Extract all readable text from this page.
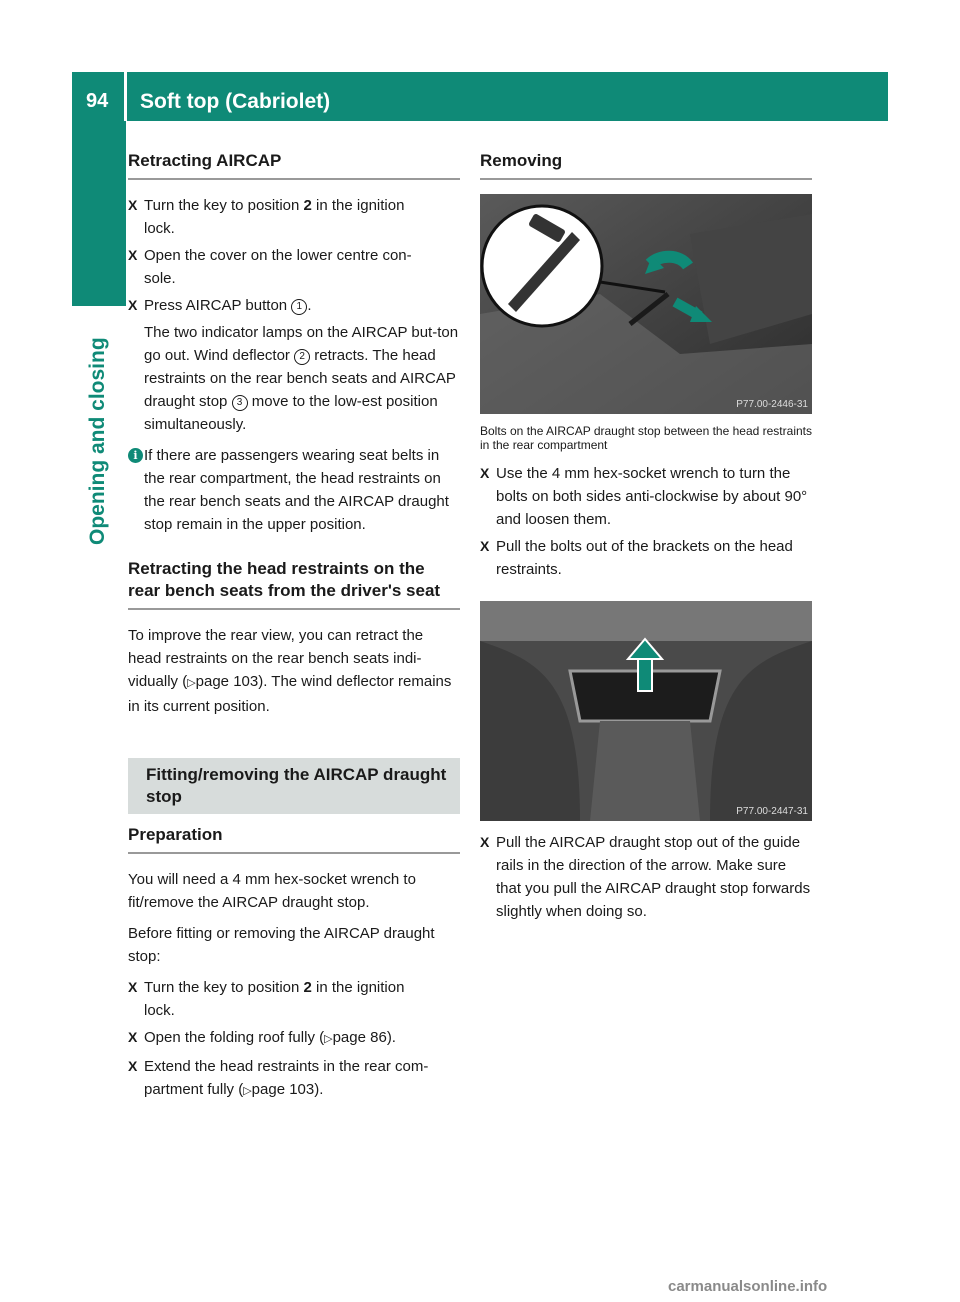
94	Soft top (Cabriolet)
Opening and closing
Retracting AIRCAP
X Turn the key to position 2 in the ignition
lock.
X Open the cover on the lower centre con-
sole.
X Press AIRCAP button 1 .
The two indicator lamps on the AIRCAP but-ton go out. Wind deflector 2 retracts. The head restraints on the rear bench seats and AIRCAP draught stop 3 move to the low-est position simultaneously.
i If there are passengers wearing seat belts in the rear compartment, the head restraints on the rear bench seats and the AIRCAP draught stop remain in the upper position.
Retracting the head restraints on the
rear bench seats from the driver's seat

To improve the rear view, you can retract the head restraints on the rear bench seats indi-vidually (▷page 103). The wind deflector remains in its current position.

Fitting/removing the AIRCAP draught stop
Preparation

You will need a 4 mm hex-socket wrench to fit/remove the AIRCAP draught stop.

Before fitting or removing the AIRCAP draught stop:

X Turn the key to position 2 in the ignition
lock.
X Open the folding roof fully (▷page 86).
X Extend the head restraints in the rear com-partment fully (▷page 103).
Removing
P77.00-2446-31
Bolts on the AIRCAP draught stop between the head restraints in the rear compartment
X Use the 4 mm hex-socket wrench to turn the bolts on both sides anti-clockwise by about 90° and loosen them.
X Pull the bolts out of the brackets on the head restraints.
P77.00-2447-31
X Pull the AIRCAP draught stop out of the guide rails in the direction of the arrow. Make sure that you pull the AIRCAP draught stop forwards slightly when doing so.
carmanualsonline.info
